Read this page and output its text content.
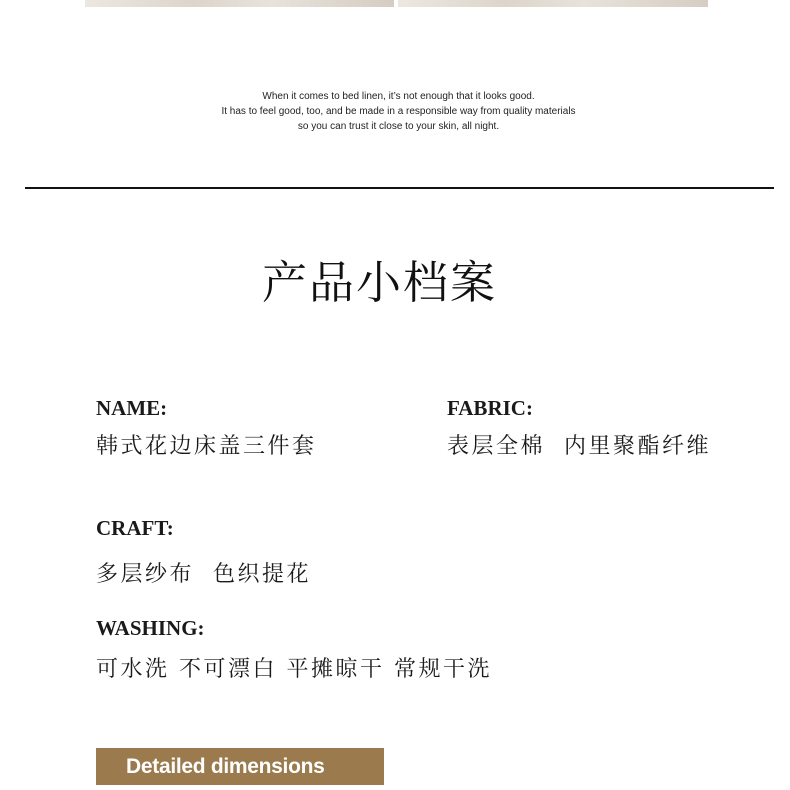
When it comes to bed linen, it’s not enough that it looks good.
It has to feel good, too, and be made in a responsible way from quality materials
so you can trust it close to your skin, all night.
产品小档案
NAME:
韩式花边床盖三件套
FABRIC:
表层全棉  内里聚酯纤维
CRAFT:
多层纱布  色织提花
WASHING:
可水洗 不可漂白 平摊晾干 常规干洗
Detailed dimensions
